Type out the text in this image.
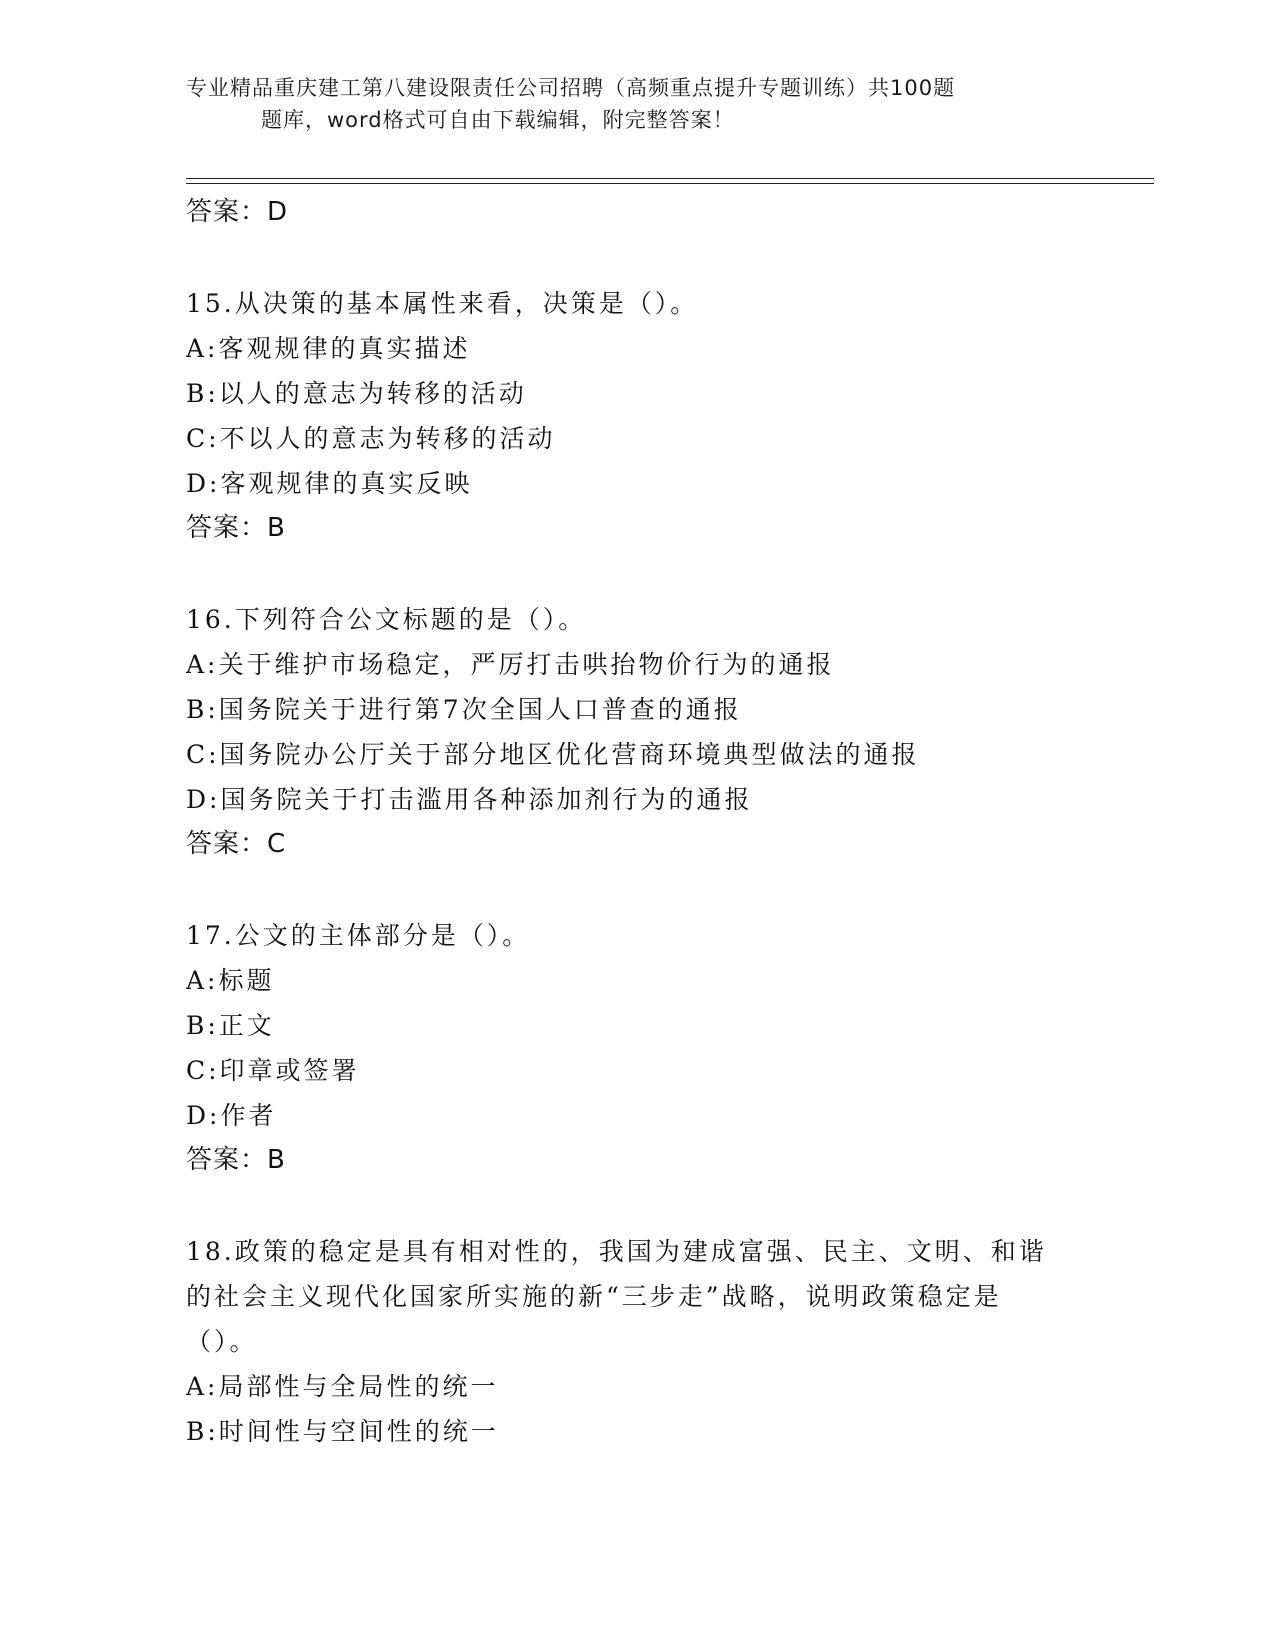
专业精品重庆建工第八建设限责任公司招聘（高频重点提升专题训练）共100题
题库，word格式可自由下载编辑，附完整答案！
答案：D
15.从决策的基本属性来看，决策是（）。
A:客观规律的真实描述
B:以人的意志为转移的活动
C:不以人的意志为转移的活动
D:客观规律的真实反映
答案：B
16.下列符合公文标题的是（）。
A:关于维护市场稳定，严厉打击哄抬物价行为的通报
B:国务院关于进行第7次全国人口普查的通报
C:国务院办公厅关于部分地区优化营商环境典型做法的通报
D:国务院关于打击滥用各种添加剂行为的通报
答案：C
17.公文的主体部分是（）。
A:标题
B:正文
C:印章或签署
D:作者
答案：B
18.政策的稳定是具有相对性的，我国为建成富强、民主、文明、和谐
的社会主义现代化国家所实施的新“三步走”战略，说明政策稳定是
（）。
A:局部性与全局性的统一
B:时间性与空间性的统一
